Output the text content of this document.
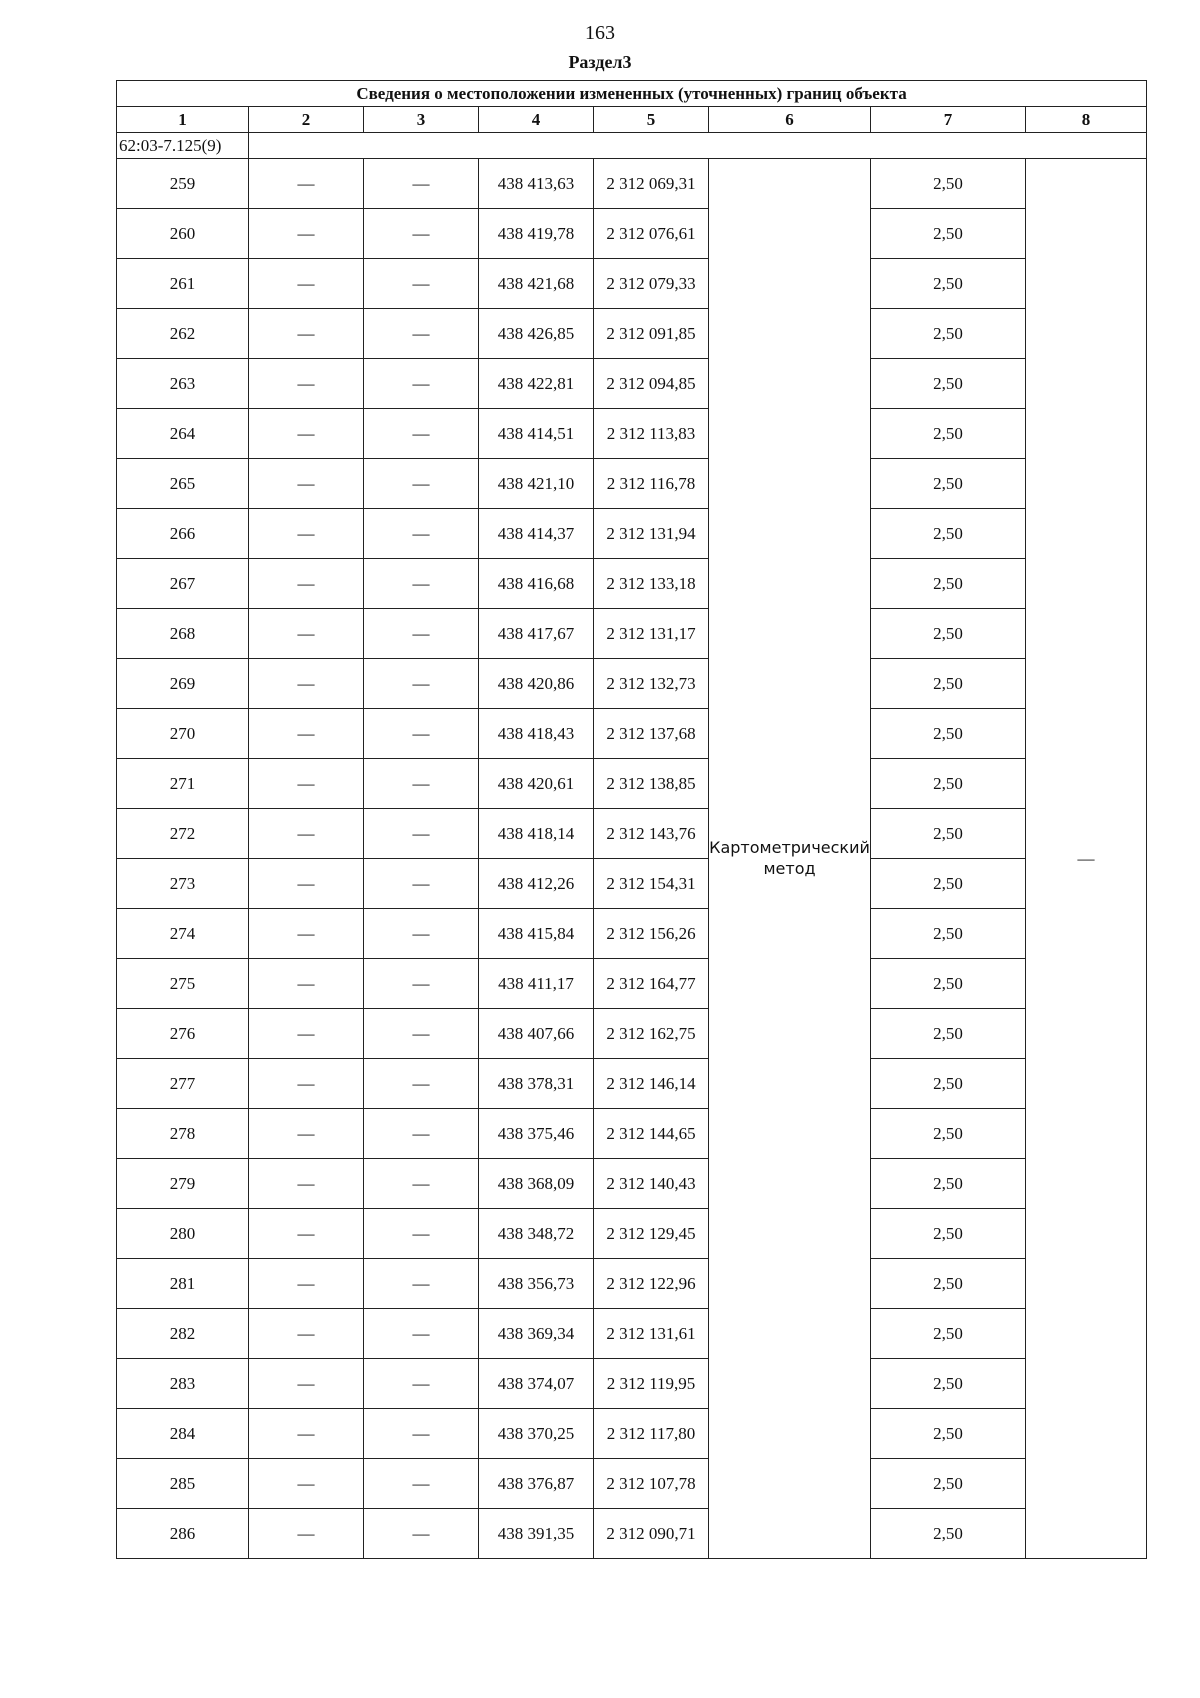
163
Раздел3
Сведения о местоположении измененных (уточненных) границ объекта							
1	2	3	4	5	6	7	8
62:03-7.125(9)							
259	—	—	438 413,63	2 312 069,31	Картометрический метод	2,50	—
260	—	—	438 419,78	2 312 076,61		2,50	
261	—	—	438 421,68	2 312 079,33		2,50	
262	—	—	438 426,85	2 312 091,85		2,50	
263	—	—	438 422,81	2 312 094,85		2,50	
264	—	—	438 414,51	2 312 113,83		2,50	
265	—	—	438 421,10	2 312 116,78		2,50	
266	—	—	438 414,37	2 312 131,94		2,50	
267	—	—	438 416,68	2 312 133,18		2,50	
268	—	—	438 417,67	2 312 131,17		2,50	
269	—	—	438 420,86	2 312 132,73		2,50	
270	—	—	438 418,43	2 312 137,68		2,50	
271	—	—	438 420,61	2 312 138,85		2,50	
272	—	—	438 418,14	2 312 143,76		2,50	
273	—	—	438 412,26	2 312 154,31		2,50	
274	—	—	438 415,84	2 312 156,26		2,50	
275	—	—	438 411,17	2 312 164,77		2,50	
276	—	—	438 407,66	2 312 162,75		2,50	
277	—	—	438 378,31	2 312 146,14		2,50	
278	—	—	438 375,46	2 312 144,65		2,50	
279	—	—	438 368,09	2 312 140,43		2,50	
280	—	—	438 348,72	2 312 129,45		2,50	
281	—	—	438 356,73	2 312 122,96		2,50	
282	—	—	438 369,34	2 312 131,61		2,50	
283	—	—	438 374,07	2 312 119,95		2,50	
284	—	—	438 370,25	2 312 117,80		2,50	
285	—	—	438 376,87	2 312 107,78		2,50	
286	—	—	438 391,35	2 312 090,71		2,50	
